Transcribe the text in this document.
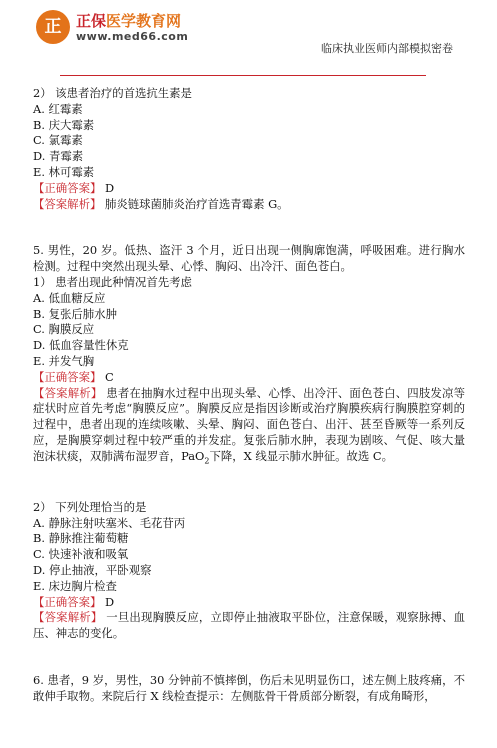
正 正保医学教育网
www.med66.com
临床执业医师内部模拟密卷
2） 该患者治疗的首选抗生素是
A. 红霉素
B. 庆大霉素
C. 氯霉素
D. 青霉素
E. 林可霉素
【正确答案】 D
【答案解析】 肺炎链球菌肺炎治疗首选青霉素 G。
5. 男性，20 岁。低热、盗汗 3 个月，近日出现一侧胸廓饱满，呼吸困难。进行胸水检测。过程中突然出现头晕、心悸、胸闷、出冷汗、面色苍白。
1） 患者出现此种情况首先考虑
A. 低血糖反应
B. 复张后肺水肿
C. 胸膜反应
D. 低血容量性休克
E. 并发气胸
【正确答案】 C
【答案解析】 患者在抽胸水过程中出现头晕、心悸、出冷汗、面色苍白、四肢发凉等症状时应首先考虑“胸膜反应”。胸膜反应是指因诊断或治疗胸膜疾病行胸膜腔穿刺的过程中，患者出现的连续咳嗽、头晕、胸闷、面色苍白、出汗、甚至昏厥等一系列反应，是胸膜穿刺过程中较严重的并发症。复张后肺水肿，表现为剧咳、气促、咳大量泡沫状痰，双肺满布湿罗音，PaO$_2$下降，X 线显示肺水肿征。故选 C。
2） 下列处理恰当的是
A. 静脉注射呋塞米、毛花苷丙
B. 静脉推注葡萄糖
C. 快速补液和吸氧
D. 停止抽液，平卧观察
E. 床边胸片检查
【正确答案】 D
【答案解析】 一旦出现胸膜反应，立即停止抽液取平卧位，注意保暖，观察脉搏、血压、神志的变化。
6. 患者，9 岁，男性，30 分钟前不慎摔倒，伤后未见明显伤口，述左侧上肢疼痛，不敢伸手取物。来院后行 X 线检查提示：左侧肱骨干骨质部分断裂，有成角畸形，
